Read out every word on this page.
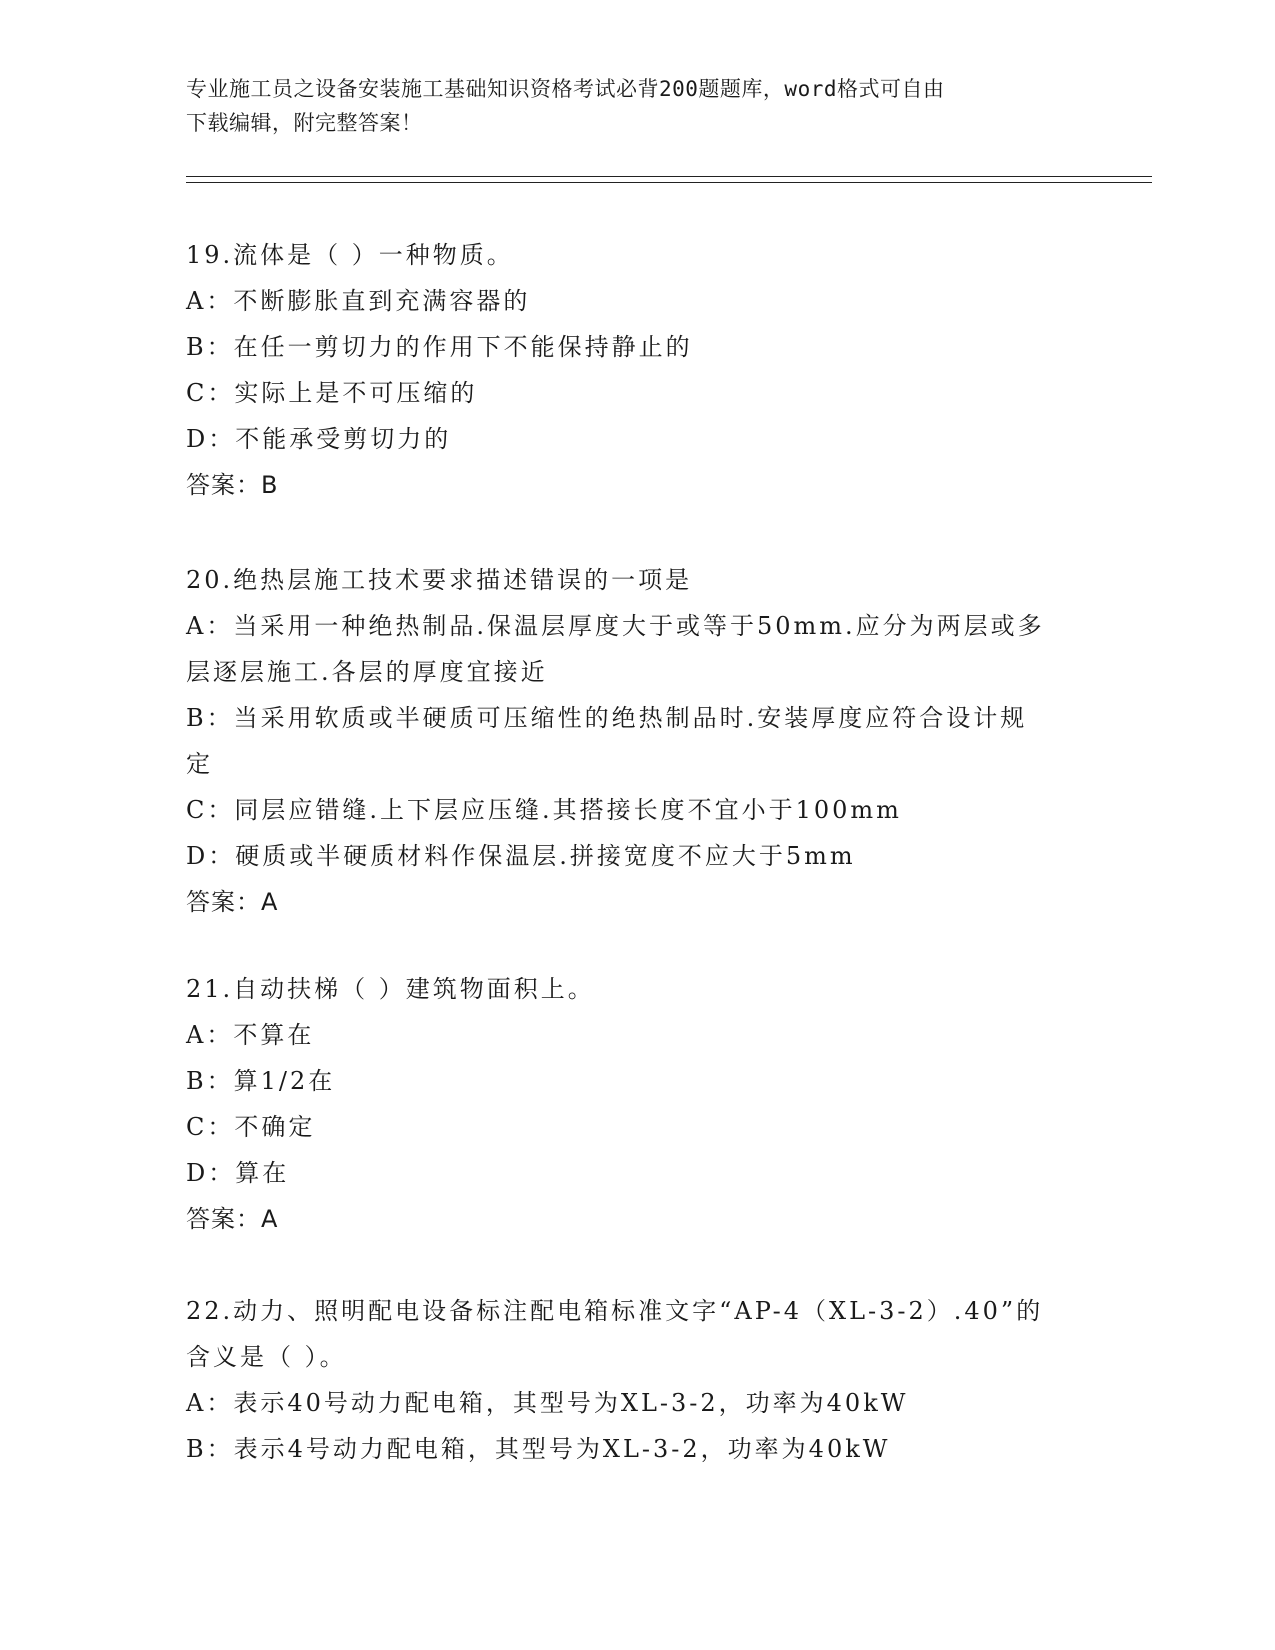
专业施工员之设备安装施工基础知识资格考试必背200题题库，word格式可自由
下载编辑，附完整答案！
19.流体是（ ）一种物质。
A：不断膨胀直到充满容器的
B：在任一剪切力的作用下不能保持静止的
C：实际上是不可压缩的
D：不能承受剪切力的
答案：B
20.绝热层施工技术要求描述错误的一项是
A：当采用一种绝热制品.保温层厚度大于或等于50mm.应分为两层或多层逐层施工.各层的厚度宜接近
B：当采用软质或半硬质可压缩性的绝热制品时.安装厚度应符合设计规定
C：同层应错缝.上下层应压缝.其搭接长度不宜小于100mm
D：硬质或半硬质材料作保温层.拼接宽度不应大于5mm
答案：A
21.自动扶梯（ ）建筑物面积上。
A：不算在
B：算1/2在
C：不确定
D：算在
答案：A
22.动力、照明配电设备标注配电箱标准文字“AP-4（XL-3-2）.40”的含义是（ ）。
A：表示40号动力配电箱，其型号为XL-3-2，功率为40kW
B：表示4号动力配电箱，其型号为XL-3-2，功率为40kW
